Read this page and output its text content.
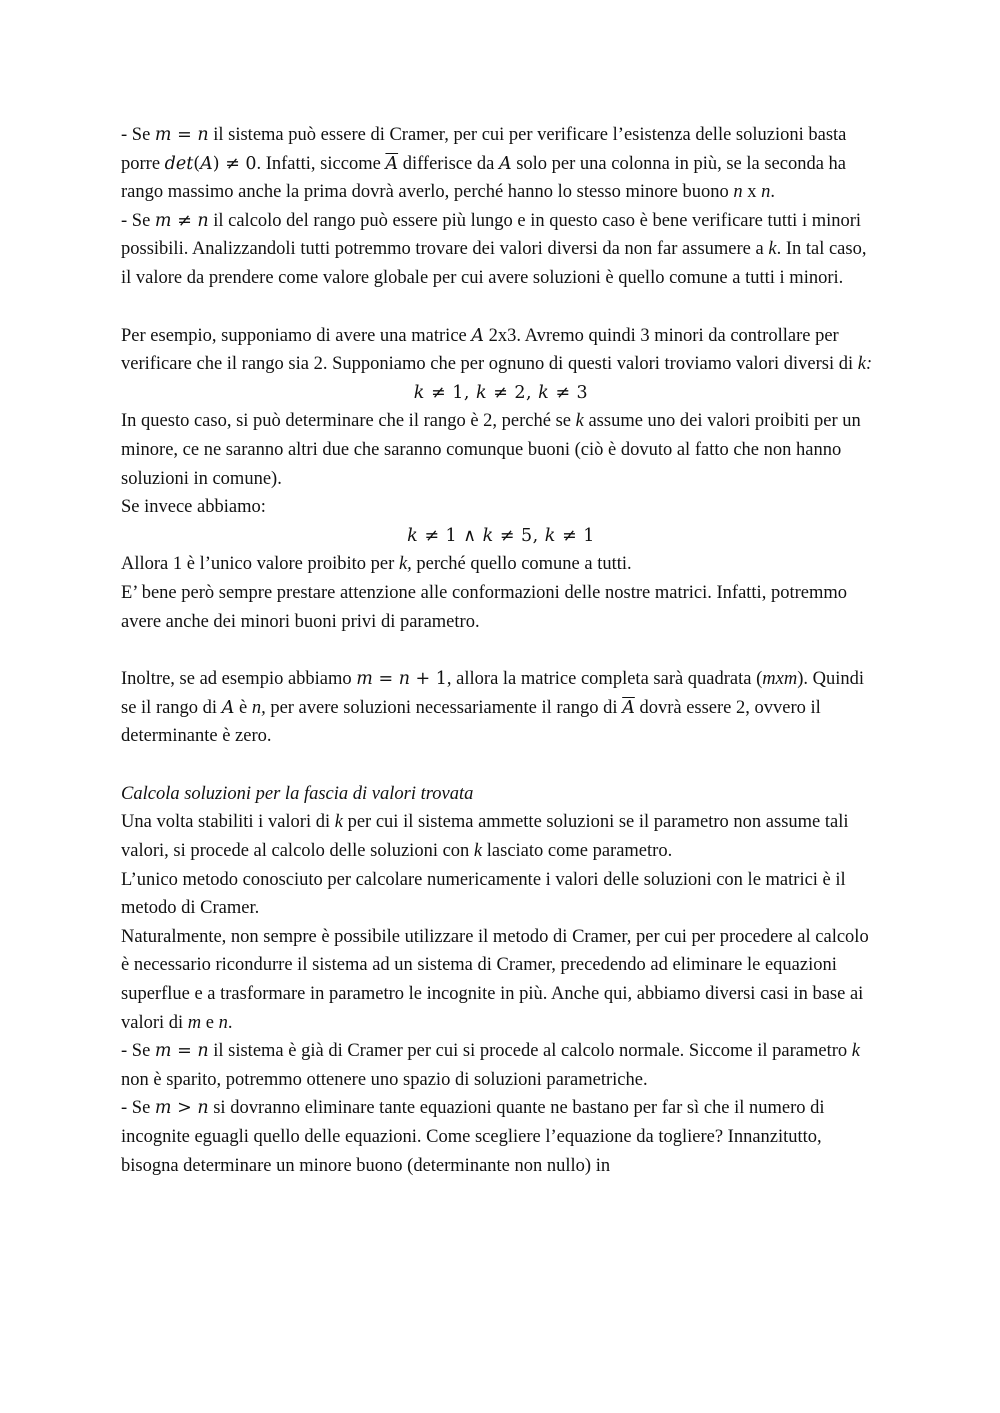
- Se m = n il sistema può essere di Cramer, per cui per verificare l’esistenza delle soluzioni basta porre det(A) ≠ 0. Infatti, siccome $\overline{A}$ differisce da A solo per una colonna in più, se la seconda ha rango massimo anche la prima dovrà averlo, perché hanno lo stesso minore buono n x n.

- Se m ≠ n il calcolo del rango può essere più lungo e in questo caso è bene verificare tutti i minori possibili. Analizzandoli tutti potremmo trovare dei valori diversi da non far assumere a k. In tal caso, il valore da prendere come valore globale per cui avere soluzioni è quello comune a tutti i minori.

Per esempio, supponiamo di avere una matrice A 2x3. Avremo quindi 3 minori da controllare per verificare che il rango sia 2. Supponiamo che per ognuno di questi valori troviamo valori diversi di k:

k ≠ 1, k ≠ 2, k ≠ 3

In questo caso, si può determinare che il rango è 2, perché se k assume uno dei valori proibiti per un minore, ce ne saranno altri due che saranno comunque buoni (ciò è dovuto al fatto che non hanno soluzioni in comune).

Se invece abbiamo:

k ≠ 1 ∧ k ≠ 5, k ≠ 1

Allora 1 è l’unico valore proibito per k, perché quello comune a tutti.

E’ bene però sempre prestare attenzione alle conformazioni delle nostre matrici. Infatti, potremmo avere anche dei minori buoni privi di parametro.

Inoltre, se ad esempio abbiamo m = n + 1, allora la matrice completa sarà quadrata (mxm). Quindi se il rango di A è n, per avere soluzioni necessariamente il rango di $\overline{A}$ dovrà essere 2, ovvero il determinante è zero.

Calcola soluzioni per la fascia di valori trovata

Una volta stabiliti i valori di k per cui il sistema ammette soluzioni se il parametro non assume tali valori, si procede al calcolo delle soluzioni con k lasciato come parametro.

L’unico metodo conosciuto per calcolare numericamente i valori delle soluzioni con le matrici è il metodo di Cramer.

Naturalmente, non sempre è possibile utilizzare il metodo di Cramer, per cui per procedere al calcolo è necessario ricondurre il sistema ad un sistema di Cramer, precedendo ad eliminare le equazioni superflue e a trasformare in parametro le incognite in più. Anche qui, abbiamo diversi casi in base ai valori di m e n.

- Se m = n il sistema è già di Cramer per cui si procede al calcolo normale. Siccome il parametro k non è sparito, potremmo ottenere uno spazio di soluzioni parametriche.

- Se m > n si dovranno eliminare tante equazioni quante ne bastano per far sì che il numero di incognite eguagli quello delle equazioni. Come scegliere l’equazione da togliere? Innanzitutto, bisogna determinare un minore buono (determinante non nullo) in
